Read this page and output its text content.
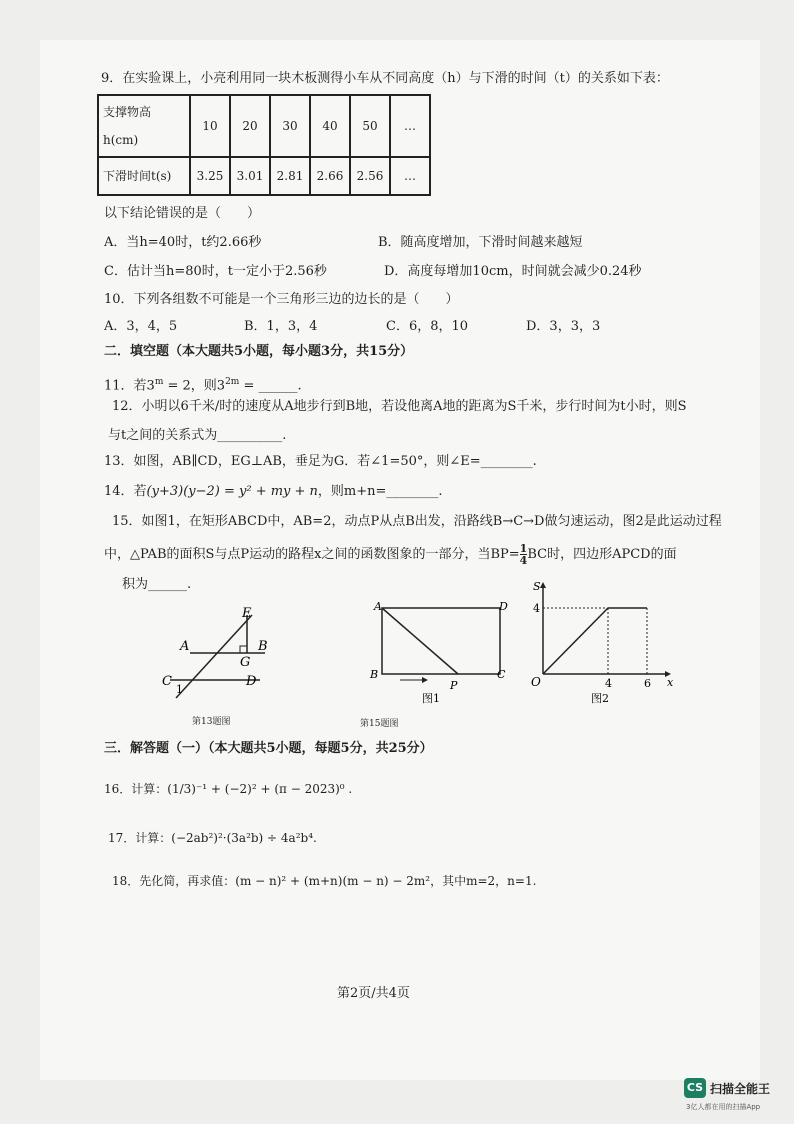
9．在实验课上，小亮利用同一块木板测得小车从不同高度（h）与下滑的时间（t）的关系如下表：
支撑物高
h(cm)	10	20	30	40	50	…
下滑时间t(s)	3.25	3.01	2.81	2.66	2.56	…
以下结论错误的是（　　）
A．当h=40时，t约2.66秒	B．随高度增加，下滑时间越来越短
C．估计当h=80时，t一定小于2.56秒	D．高度每增加10cm，时间就会减少0.24秒
10．下列各组数不可能是一个三角形三边的边长的是（　　）
A．3，4，5	B．1，3，4	C．6，8，10	D．3，3，3
二．填空题（本大题共5小题，每小题3分，共15分）
11．若$3^m = 2$，则$3^{2m}$ = ______.
12．小明以6千米/时的速度从A地步行到B地，若设他离A地的距离为S千米，步行时间为t小时，则S
与t之间的关系式为__________.
13．如图，AB∥CD，EG⊥AB，垂足为G．若∠1=50°，则∠E=________.
14．若(y+3)(y−2) = y² + my + n，则m+n=________.
15．如图1，在矩形ABCD中，AB=2，动点P从点B出发，沿路线B→C→D做匀速运动，图2是此运动过程
中，△PAB的面积S与点P运动的路程x之间的函数图象的一部分，当$BP= \frac{1}{4}$ BC时，四边形APCD的面
积为______.
E
A	B
G
C
1
D
第13题图
A	D
B
P
C
图1
第15题图
S
x
4
4	6
O
图2
三．解答题（一）（本大题共5小题，每题5分，共25分）
16．计算：(1/3)⁻¹ + (−2)² + (π − 2023)⁰ .
17．计算：(−2ab²)²·(3a²b) ÷ 4a²b⁴.
18．先化简，再求值：(m − n)² + (m+n)(m − n) − 2m²，其中m=2，n=1.
第2页/共4页
CS 扫描全能王
3亿人都在用的扫描App
